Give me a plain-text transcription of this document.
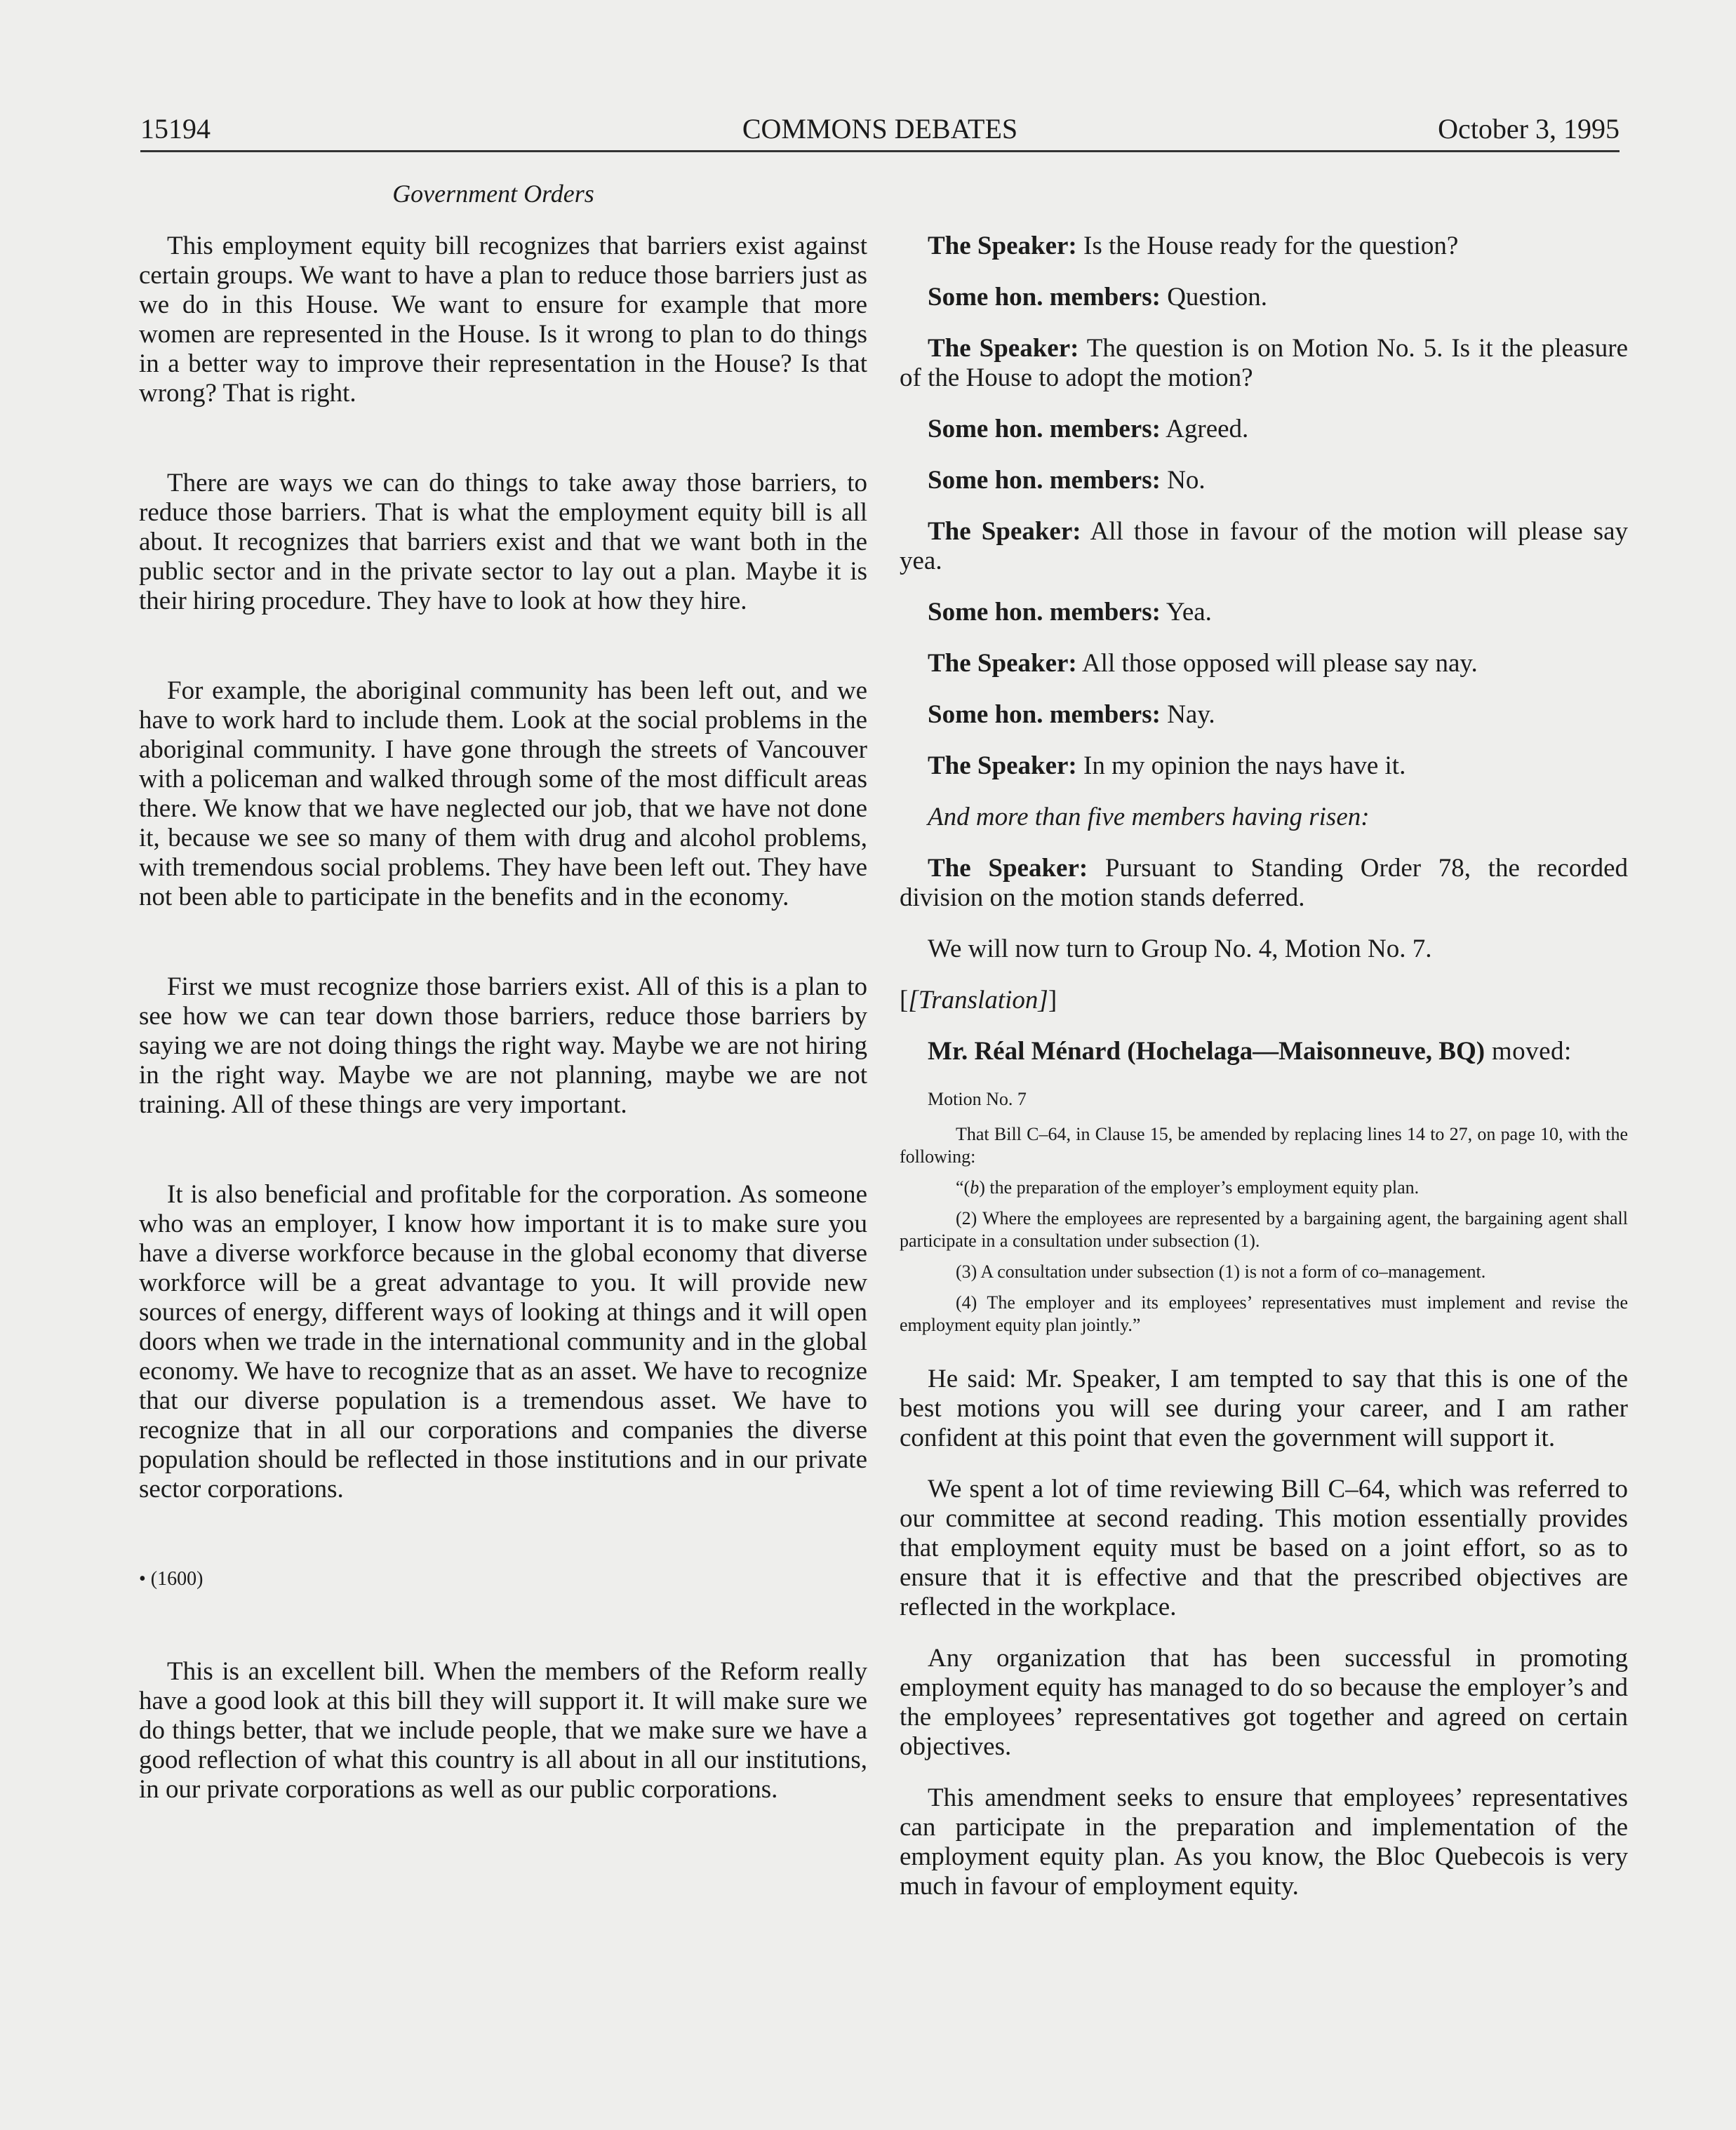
15194	COMMONS DEBATES	October 3, 1995
Government Orders

This employment equity bill recognizes that barriers exist against certain groups. We want to have a plan to reduce those barriers just as we do in this House. We want to ensure for example that more women are represented in the House. Is it wrong to plan to do things in a better way to improve their representation in the House? Is that wrong? That is right.

There are ways we can do things to take away those barriers, to reduce those barriers. That is what the employment equity bill is all about. It recognizes that barriers exist and that we want both in the public sector and in the private sector to lay out a plan. Maybe it is their hiring procedure. They have to look at how they hire.

For example, the aboriginal community has been left out, and we have to work hard to include them. Look at the social problems in the aboriginal community. I have gone through the streets of Vancouver with a policeman and walked through some of the most difficult areas there. We know that we have neglected our job, that we have not done it, because we see so many of them with drug and alcohol problems, with tremendous social problems. They have been left out. They have not been able to participate in the benefits and in the economy.

First we must recognize those barriers exist. All of this is a plan to see how we can tear down those barriers, reduce those barriers by saying we are not doing things the right way. Maybe we are not hiring in the right way. Maybe we are not planning, maybe we are not training. All of these things are very important.

It is also beneficial and profitable for the corporation. As someone who was an employer, I know how important it is to make sure you have a diverse workforce because in the global economy that diverse workforce will be a great advantage to you. It will provide new sources of energy, different ways of looking at things and it will open doors when we trade in the international community and in the global economy. We have to recognize that as an asset. We have to recognize that our diverse population is a tremendous asset. We have to recognize that in all our corporations and companies the diverse population should be reflected in those institutions and in our private sector corporations.

• (1600)

This is an excellent bill. When the members of the Reform really have a good look at this bill they will support it. It will make sure we do things better, that we include people, that we make sure we have a good reflection of what this country is all about in all our institutions, in our private corporations as well as our public corporations.

The Speaker: Is the House ready for the question?

Some hon. members: Question.

The Speaker: The question is on Motion No. 5. Is it the pleasure of the House to adopt the motion?

Some hon. members: Agreed.

Some hon. members: No.

The Speaker: All those in favour of the motion will please say yea.

Some hon. members: Yea.

The Speaker: All those opposed will please say nay.

Some hon. members: Nay.

The Speaker: In my opinion the nays have it.

And more than five members having risen:

The Speaker: Pursuant to Standing Order 78, the recorded division on the motion stands deferred.

We will now turn to Group No. 4, Motion No. 7.

[[Translation]]

Mr. Réal Ménard (Hochelaga—Maisonneuve, BQ) moved:

Motion No. 7

That Bill C–64, in Clause 15, be amended by replacing lines 14 to 27, on page 10, with the following:

“(b) the preparation of the employer’s employment equity plan.

(2) Where the employees are represented by a bargaining agent, the bargaining agent shall participate in a consultation under subsection (1).

(3) A consultation under subsection (1) is not a form of co–management.

(4) The employer and its employees’ representatives must implement and revise the employment equity plan jointly.”

He said: Mr. Speaker, I am tempted to say that this is one of the best motions you will see during your career, and I am rather confident at this point that even the government will support it.

We spent a lot of time reviewing Bill C–64, which was referred to our committee at second reading. This motion essentially provides that employment equity must be based on a joint effort, so as to ensure that it is effective and that the prescribed objectives are reflected in the workplace.

Any organization that has been successful in promoting employment equity has managed to do so because the employer’s and the employees’ representatives got together and agreed on certain objectives.

This amendment seeks to ensure that employees’ representatives can participate in the preparation and implementation of the employment equity plan. As you know, the Bloc Quebecois is very much in favour of employment equity.
